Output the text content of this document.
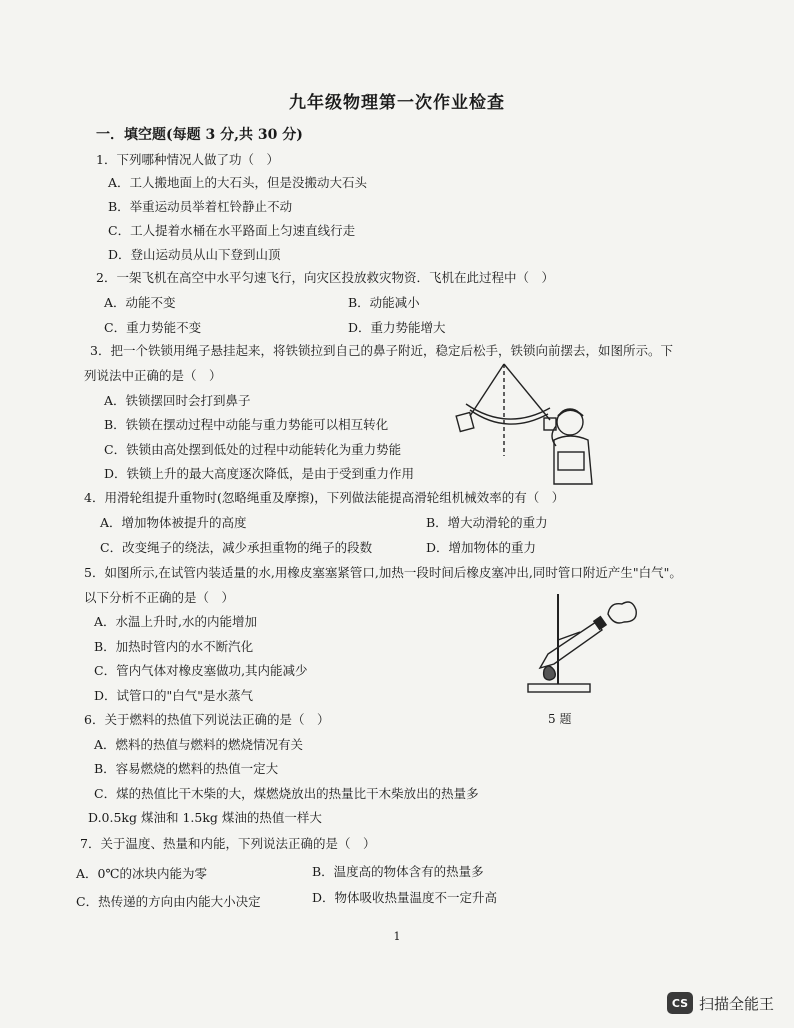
九年级物理第一次作业检查
一．填空题(每题 3 分,共 30 分)
1．下列哪种情况人做了功（　）
A．工人搬地面上的大石头，但是没搬动大石头
B．举重运动员举着杠铃静止不动
C．工人提着水桶在水平路面上匀速直线行走
D．登山运动员从山下登到山顶
2．一架飞机在高空中水平匀速飞行，向灾区投放救灾物资．飞机在此过程中（　）
A．动能不变	B．动能减小
C．重力势能不变	D．重力势能增大
3．把一个铁锁用绳子悬挂起来，将铁锁拉到自己的鼻子附近，稳定后松手，铁锁向前摆去，如图所示。下
列说法中正确的是（　）
A．铁锁摆回时会打到鼻子
B．铁锁在摆动过程中动能与重力势能可以相互转化
C．铁锁由高处摆到低处的过程中动能转化为重力势能
D．铁锁上升的最大高度逐次降低，是由于受到重力作用
4．用滑轮组提升重物时(忽略绳重及摩擦)，下列做法能提高滑轮组机械效率的有（　）
A．增加物体被提升的高度	B．增大动滑轮的重力
C．改变绳子的绕法，减少承担重物的绳子的段数	D．增加物体的重力
5．如图所示,在试管内装适量的水,用橡皮塞塞紧管口,加热一段时间后橡皮塞冲出,同时管口附近产生"白气"。
以下分析不正确的是（　）
A．水温上升时,水的内能增加
B．加热时管内的水不断汽化
C．管内气体对橡皮塞做功,其内能减少
D．试管口的"白气"是水蒸气
5 题
6．关于燃料的热值下列说法正确的是（　）
A．燃料的热值与燃料的燃烧情况有关
B．容易燃烧的燃料的热值一定大
C．煤的热值比干木柴的大，煤燃烧放出的热量比干木柴放出的热量多
D.0.5kg 煤油和 1.5kg 煤油的热值一样大
7．关于温度、热量和内能，下列说法正确的是（　）
A．0℃的冰块内能为零	B．温度高的物体含有的热量多
C．热传递的方向由内能大小决定	D．物体吸收热量温度不一定升高
1
CS 扫描全能王
